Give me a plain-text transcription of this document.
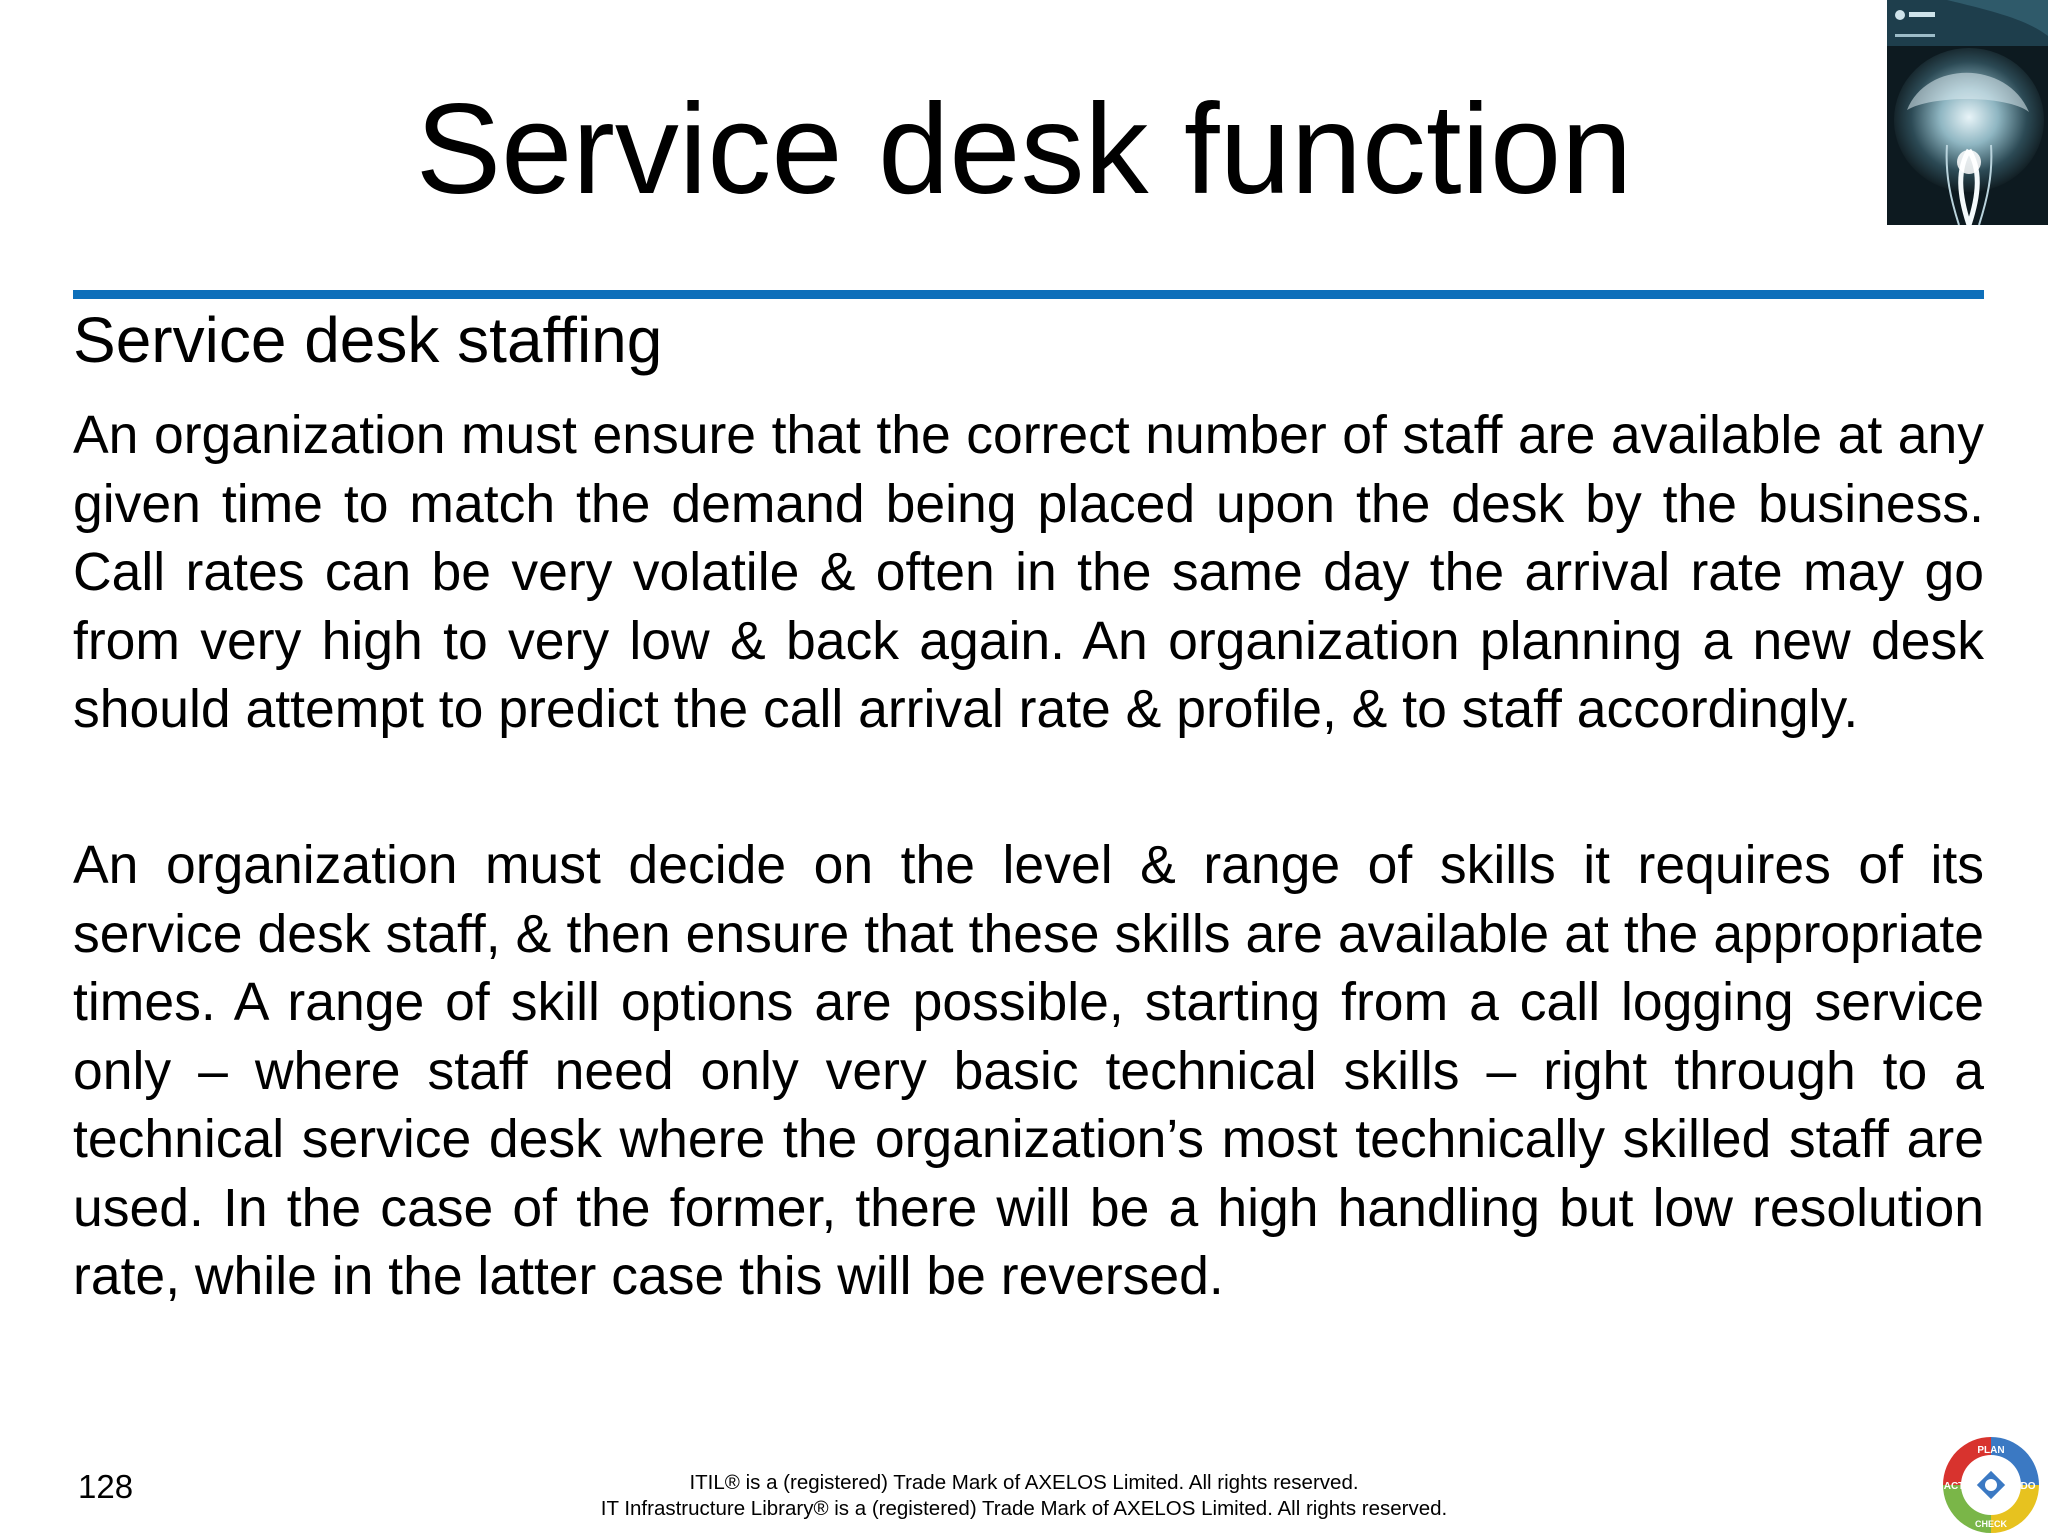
Service desk function
Service desk staffing

An organization must ensure that the correct number of staff are available at any given time to match the demand being placed upon the desk by the business. Call rates can be very volatile & often in the same day the arrival rate may go from very high to very low & back again. An organization planning a new desk should attempt to predict the call arrival rate & profile, & to staff accordingly.

An organization must decide on the level & range of skills it requires of its service desk staff, & then ensure that these skills are available at the appropriate times. A range of skill options are possible, starting from a call logging service only – where staff need only very basic technical skills – right through to a technical service desk where the organization’s most technically skilled staff are used. In the case of the former, there will be a high handling but low resolution rate, while in the latter case this will be reversed.

128	ITIL® is a (registered) Trade Mark of AXELOS Limited. All rights reserved.
IT Infrastructure Library® is a (registered) Trade Mark of AXELOS Limited. All rights reserved.
PLAN
DO
CHECK
ACT
